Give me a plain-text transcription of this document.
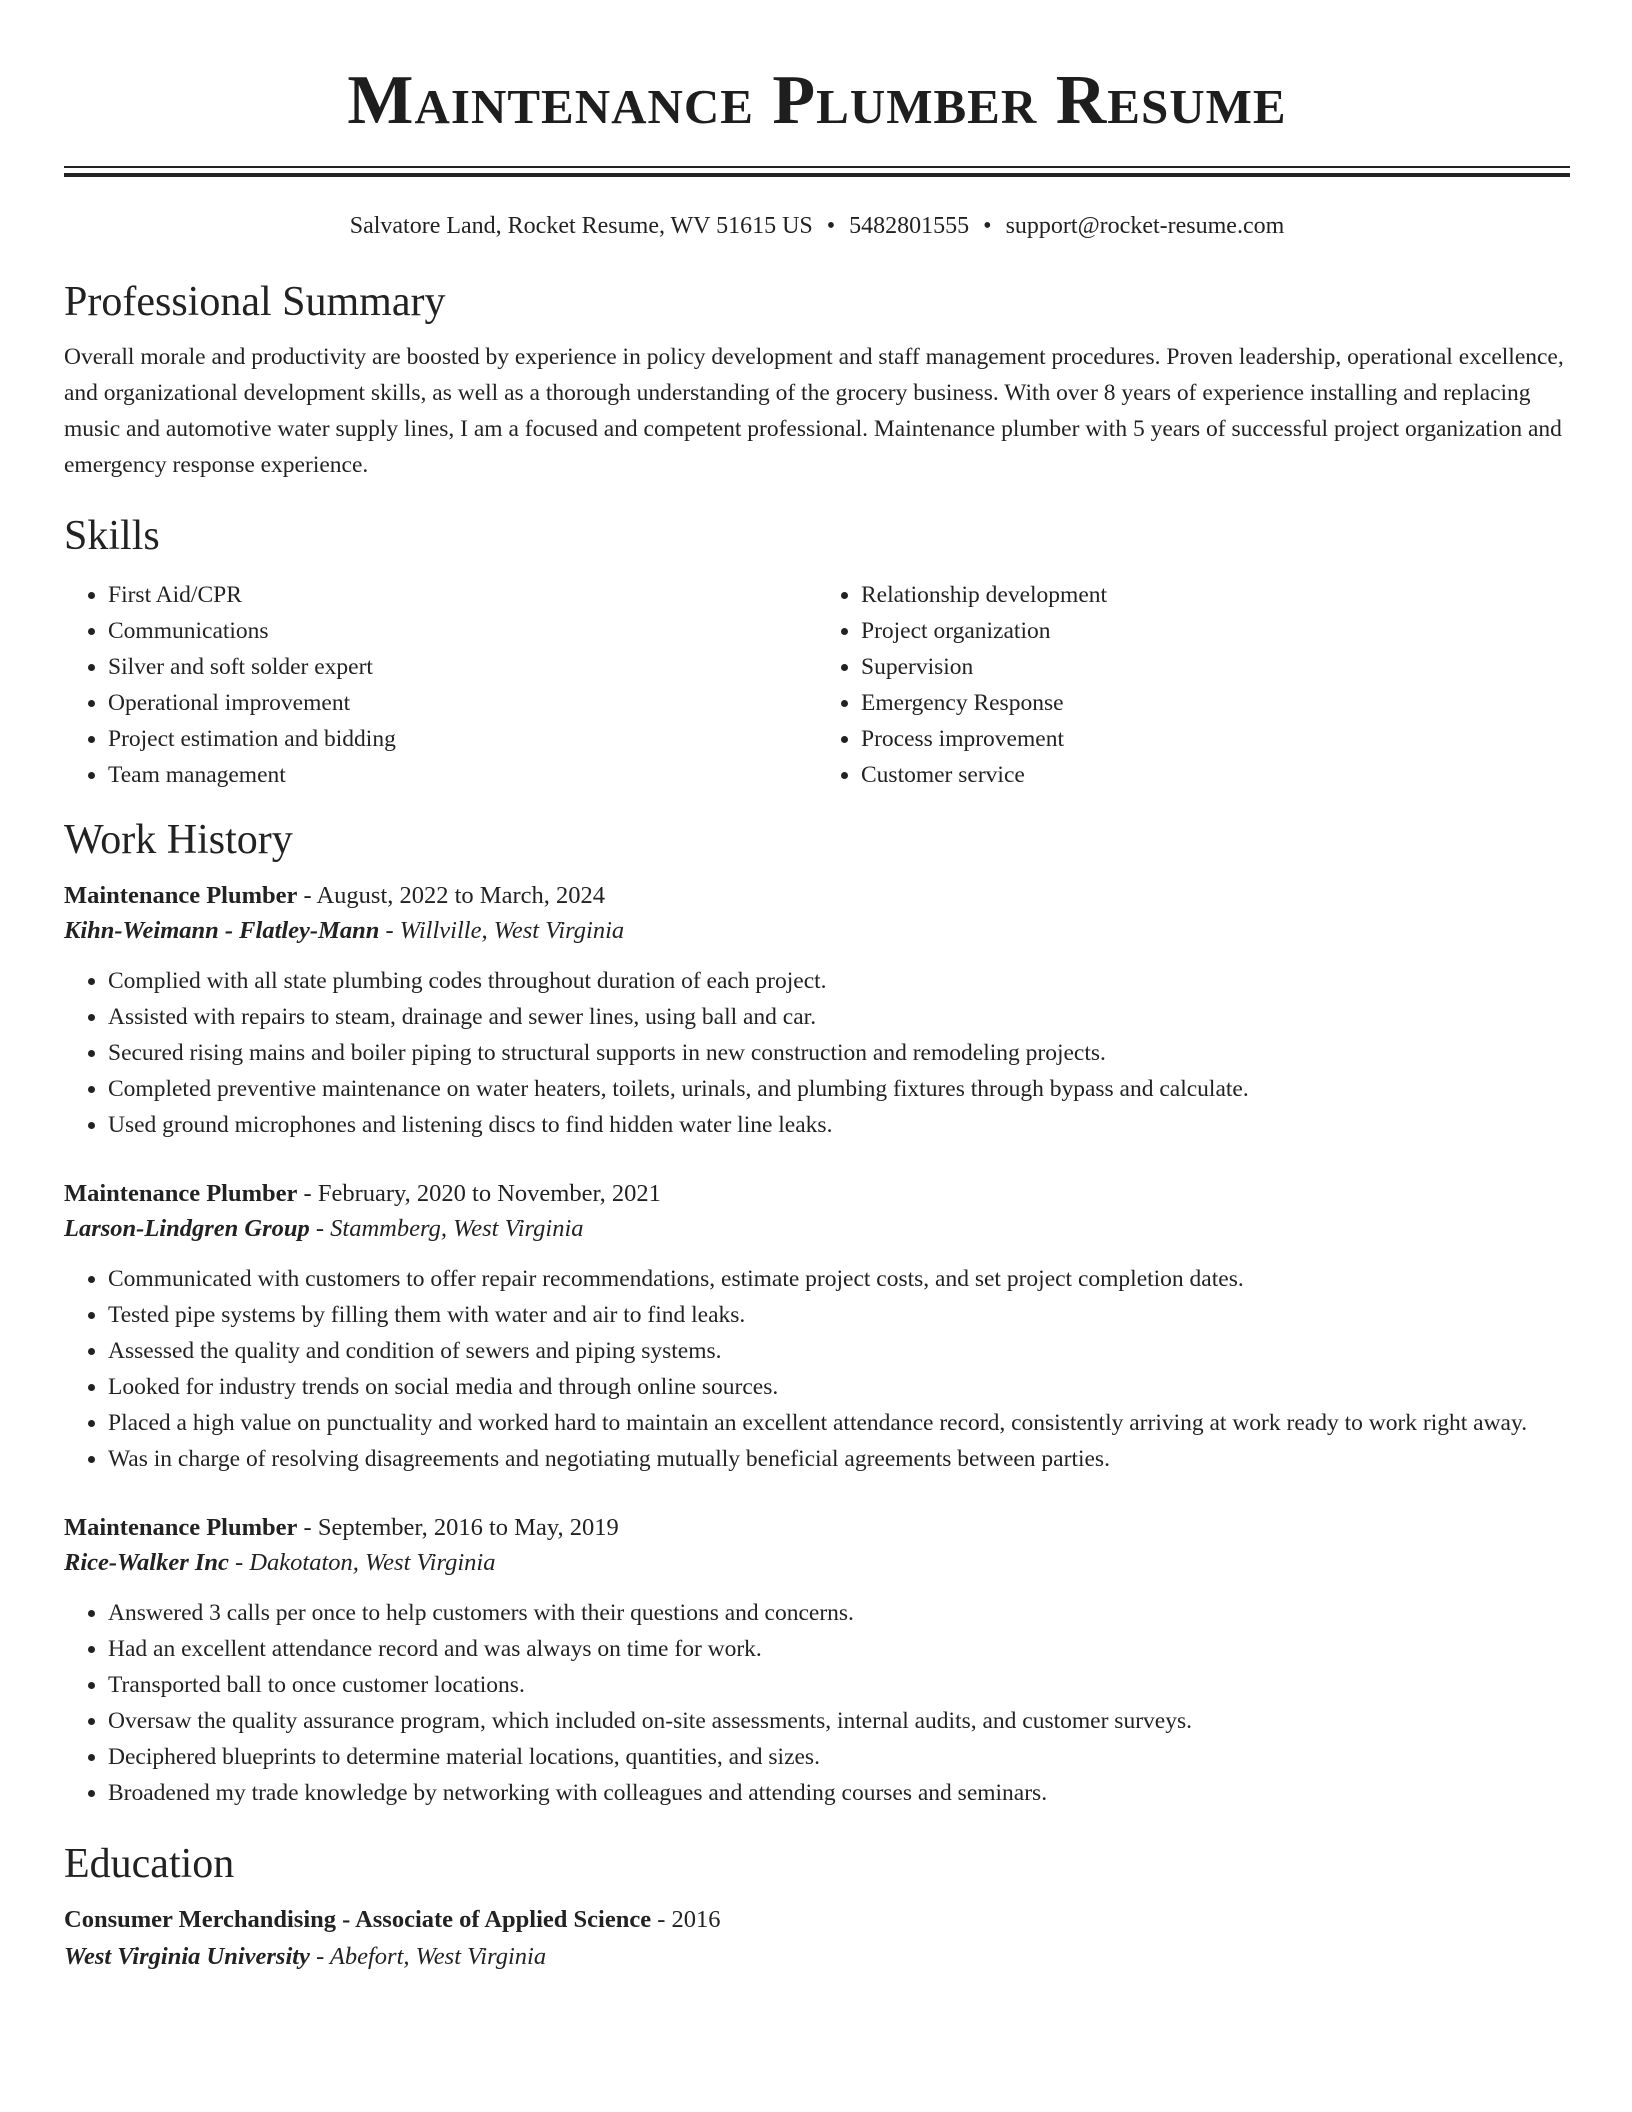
Maintenance Plumber Resume
Salvatore Land, Rocket Resume, WV 51615 US • 5482801555 • support@rocket-resume.com
Professional Summary

Overall morale and productivity are boosted by experience in policy development and staff management procedures. Proven leadership, operational excellence, and organizational development skills, as well as a thorough understanding of the grocery business. With over 8 years of experience installing and replacing music and automotive water supply lines, I am a focused and competent professional. Maintenance plumber with 5 years of successful project organization and emergency response experience.

Skills
• First Aid/CPR
• Communications
• Silver and soft solder expert
• Operational improvement
• Project estimation and bidding
• Team management
• Relationship development
• Project organization
• Supervision
• Emergency Response
• Process improvement
• Customer service
Work History
Maintenance Plumber - August, 2022 to March, 2024
Kihn-Weimann - Flatley-Mann - Willville, West Virginia
• Complied with all state plumbing codes throughout duration of each project.
• Assisted with repairs to steam, drainage and sewer lines, using ball and car.
• Secured rising mains and boiler piping to structural supports in new construction and remodeling projects.
• Completed preventive maintenance on water heaters, toilets, urinals, and plumbing fixtures through bypass and calculate.
• Used ground microphones and listening discs to find hidden water line leaks.
Maintenance Plumber - February, 2020 to November, 2021
Larson-Lindgren Group - Stammberg, West Virginia
• Communicated with customers to offer repair recommendations, estimate project costs, and set project completion dates.
• Tested pipe systems by filling them with water and air to find leaks.
• Assessed the quality and condition of sewers and piping systems.
• Looked for industry trends on social media and through online sources.
• Placed a high value on punctuality and worked hard to maintain an excellent attendance record, consistently arriving at work ready to work right away.
• Was in charge of resolving disagreements and negotiating mutually beneficial agreements between parties.
Maintenance Plumber - September, 2016 to May, 2019
Rice-Walker Inc - Dakotaton, West Virginia
• Answered 3 calls per once to help customers with their questions and concerns.
• Had an excellent attendance record and was always on time for work.
• Transported ball to once customer locations.
• Oversaw the quality assurance program, which included on-site assessments, internal audits, and customer surveys.
• Deciphered blueprints to determine material locations, quantities, and sizes.
• Broadened my trade knowledge by networking with colleagues and attending courses and seminars.
Education
Consumer Merchandising - Associate of Applied Science - 2016
West Virginia University - Abefort, West Virginia
